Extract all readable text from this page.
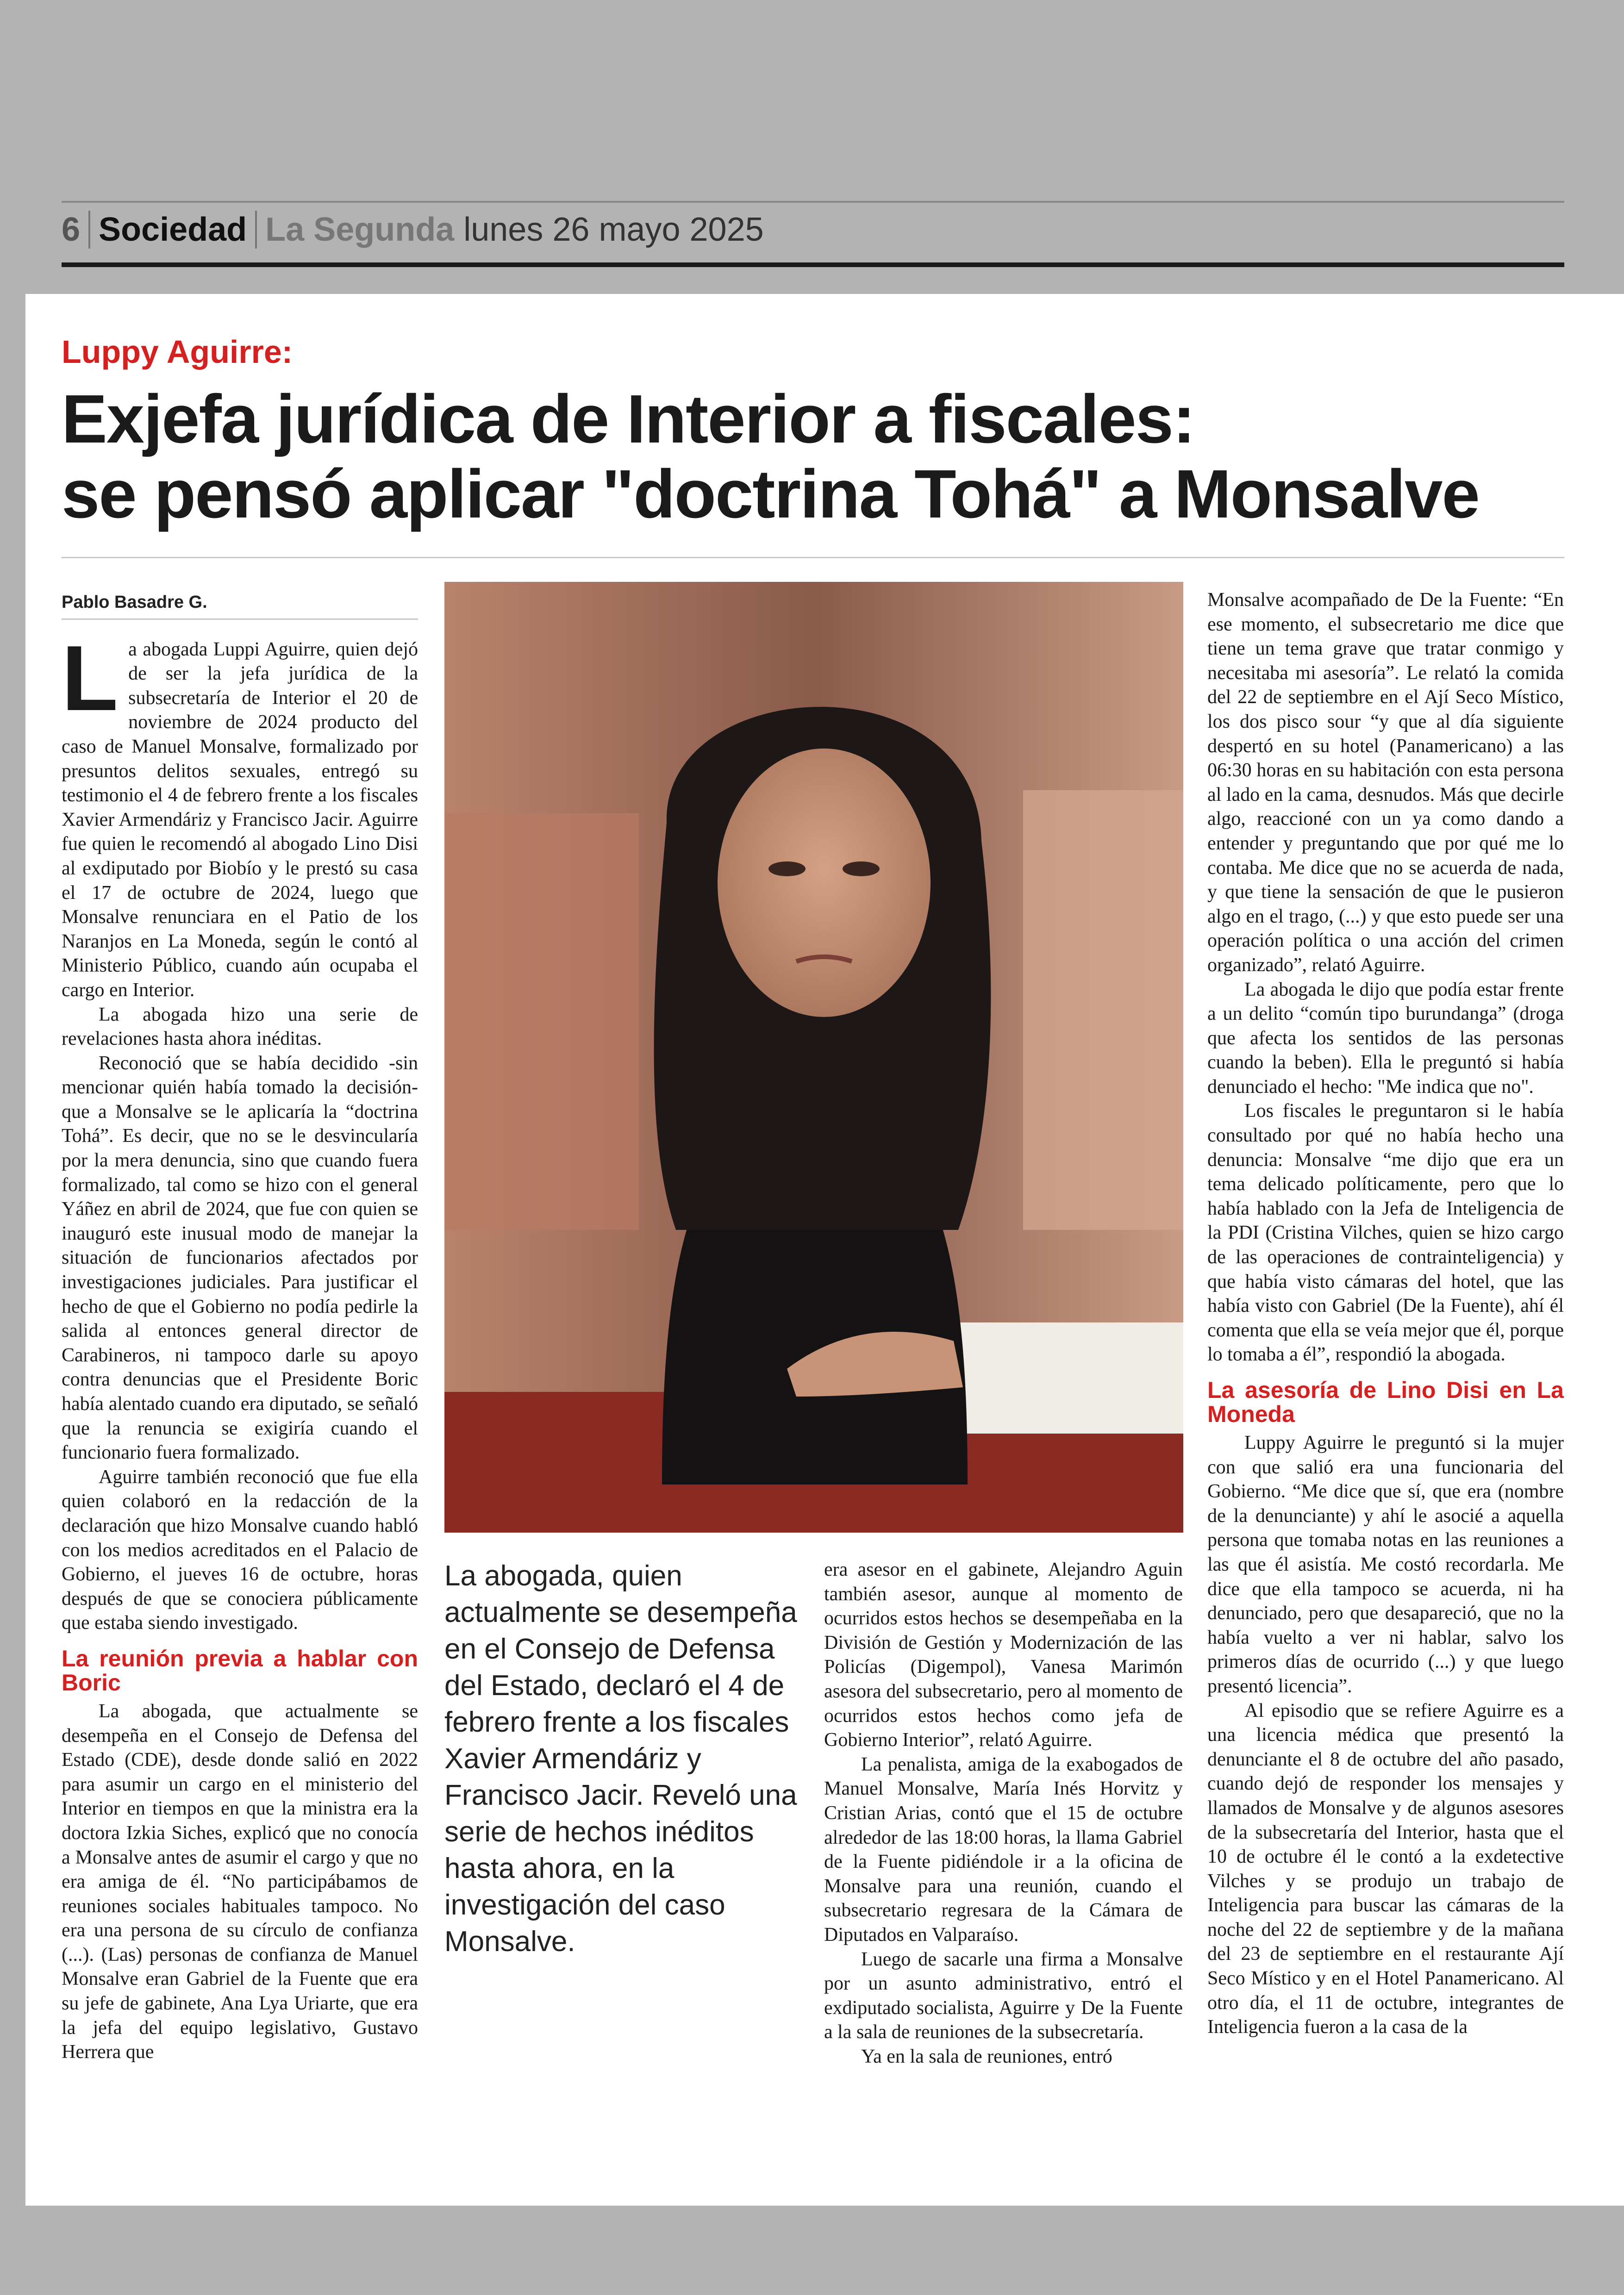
6 Sociedad La Segunda lunes 26 mayo 2025
Luppy Aguirre:
Exjefa jurídica de Interior a fiscales:
se pensó aplicar "doctrina Tohá" a Monsalve
Pablo Basadre G.

La abogada Luppi Aguirre, quien dejó de ser la jefa jurídica de la subsecretaría de Interior el 20 de noviembre de 2024 producto del caso de Manuel Monsalve, formalizado por presuntos delitos sexuales, entregó su testimonio el 4 de febrero frente a los fiscales Xavier Armendáriz y Francisco Jacir. Aguirre fue quien le recomendó al abogado Lino Disi al exdiputado por Biobío y le prestó su casa el 17 de octubre de 2024, luego que Monsalve renunciara en el Patio de los Naranjos en La Moneda, según le contó al Ministerio Público, cuando aún ocupaba el cargo en Interior.

La abogada hizo una serie de revelaciones hasta ahora inéditas.

Reconoció que se había decidido -sin mencionar quién había tomado la decisión- que a Monsalve se le aplicaría la “doctrina Tohá”. Es decir, que no se le desvincularía por la mera denuncia, sino que cuando fuera formalizado, tal como se hizo con el general Yáñez en abril de 2024, que fue con quien se inauguró este inusual modo de manejar la situación de funcionarios afectados por investigaciones judiciales. Para justificar el hecho de que el Gobierno no podía pedirle la salida al entonces general director de Carabineros, ni tampoco darle su apoyo contra denuncias que el Presidente Boric había alentado cuando era diputado, se señaló que la renuncia se exigiría cuando el funcionario fuera formalizado.

Aguirre también reconoció que fue ella quien colaboró en la redacción de la declaración que hizo Monsalve cuando habló con los medios acreditados en el Palacio de Gobierno, el jueves 16 de octubre, horas después de que se conociera públicamente que estaba siendo investigado.

La reunión previa a hablar con Boric

La abogada, que actualmente se desempeña en el Consejo de Defensa del Estado (CDE), desde donde salió en 2022 para asumir un cargo en el ministerio del Interior en tiempos en que la ministra era la doctora Izkia Siches, explicó que no conocía a Monsalve antes de asumir el cargo y que no era amiga de él. “No participábamos de reuniones sociales habituales tampoco. No era una persona de su círculo de confianza (...). (Las) personas de confianza de Manuel Monsalve eran Gabriel de la Fuente que era su jefe de gabinete, Ana Lya Uriarte, que era la jefa del equipo legislativo, Gustavo Herrera que

La abogada, quien actualmente se desempeña en el Consejo de Defensa del Estado, declaró el 4 de febrero frente a los fiscales Xavier Armendáriz y Francisco Jacir. Reveló una serie de hechos inéditos hasta ahora, en la investigación del caso Monsalve.

era asesor en el gabinete, Alejandro Aguin también asesor, aunque al momento de ocurridos estos hechos se desempeñaba en la División de Gestión y Modernización de las Policías (Digempol), Vanesa Marimón asesora del subsecretario, pero al momento de ocurridos estos hechos como jefa de Gobierno Interior”, relató Aguirre.

La penalista, amiga de la exabogados de Manuel Monsalve, María Inés Horvitz y Cristian Arias, contó que el 15 de octubre alrededor de las 18:00 horas, la llama Gabriel de la Fuente pidiéndole ir a la oficina de Monsalve para una reunión, cuando el subsecretario regresara de la Cámara de Diputados en Valparaíso.

Luego de sacarle una firma a Monsalve por un asunto administrativo, entró el exdiputado socialista, Aguirre y De la Fuente a la sala de reuniones de la subsecretaría.

Ya en la sala de reuniones, entró

Monsalve acompañado de De la Fuente: “En ese momento, el subsecretario me dice que tiene un tema grave que tratar conmigo y necesitaba mi asesoría”. Le relató la comida del 22 de septiembre en el Ají Seco Místico, los dos pisco sour “y que al día siguiente despertó en su hotel (Panamericano) a las 06:30 horas en su habitación con esta persona al lado en la cama, desnudos. Más que decirle algo, reaccioné con un ya como dando a entender y preguntando que por qué me lo contaba. Me dice que no se acuerda de nada, y que tiene la sensación de que le pusieron algo en el trago, (...) y que esto puede ser una operación política o una acción del crimen organizado”, relató Aguirre.

La abogada le dijo que podía estar frente a un delito “común tipo burundanga” (droga que afecta los sentidos de las personas cuando la beben). Ella le preguntó si había denunciado el hecho: "Me indica que no".

Los fiscales le preguntaron si le había consultado por qué no había hecho una denuncia: Monsalve “me dijo que era un tema delicado políticamente, pero que lo había hablado con la Jefa de Inteligencia de la PDI (Cristina Vilches, quien se hizo cargo de las operaciones de contrainteligencia) y que había visto cámaras del hotel, que las había visto con Gabriel (De la Fuente), ahí él comenta que ella se veía mejor que él, porque lo tomaba a él”, respondió la abogada.

La asesoría de Lino Disi en La Moneda

Luppy Aguirre le preguntó si la mujer con que salió era una funcionaria del Gobierno. “Me dice que sí, que era (nombre de la denunciante) y ahí le asocié a aquella persona que tomaba notas en las reuniones a las que él asistía. Me costó recordarla. Me dice que ella tampoco se acuerda, ni ha denunciado, pero que desapareció, que no la había vuelto a ver ni hablar, salvo los primeros días de ocurrido (...) y que luego presentó licencia”.

Al episodio que se refiere Aguirre es a una licencia médica que presentó la denunciante el 8 de octubre del año pasado, cuando dejó de responder los mensajes y llamados de Monsalve y de algunos asesores de la subsecretaría del Interior, hasta que el 10 de octubre él le contó a la exdetective Vilches y se produjo un trabajo de Inteligencia para buscar las cámaras de la noche del 22 de septiembre y de la mañana del 23 de septiembre en el restaurante Ají Seco Místico y en el Hotel Panamericano. Al otro día, el 11 de octubre, integrantes de Inteligencia fueron a la casa de la
